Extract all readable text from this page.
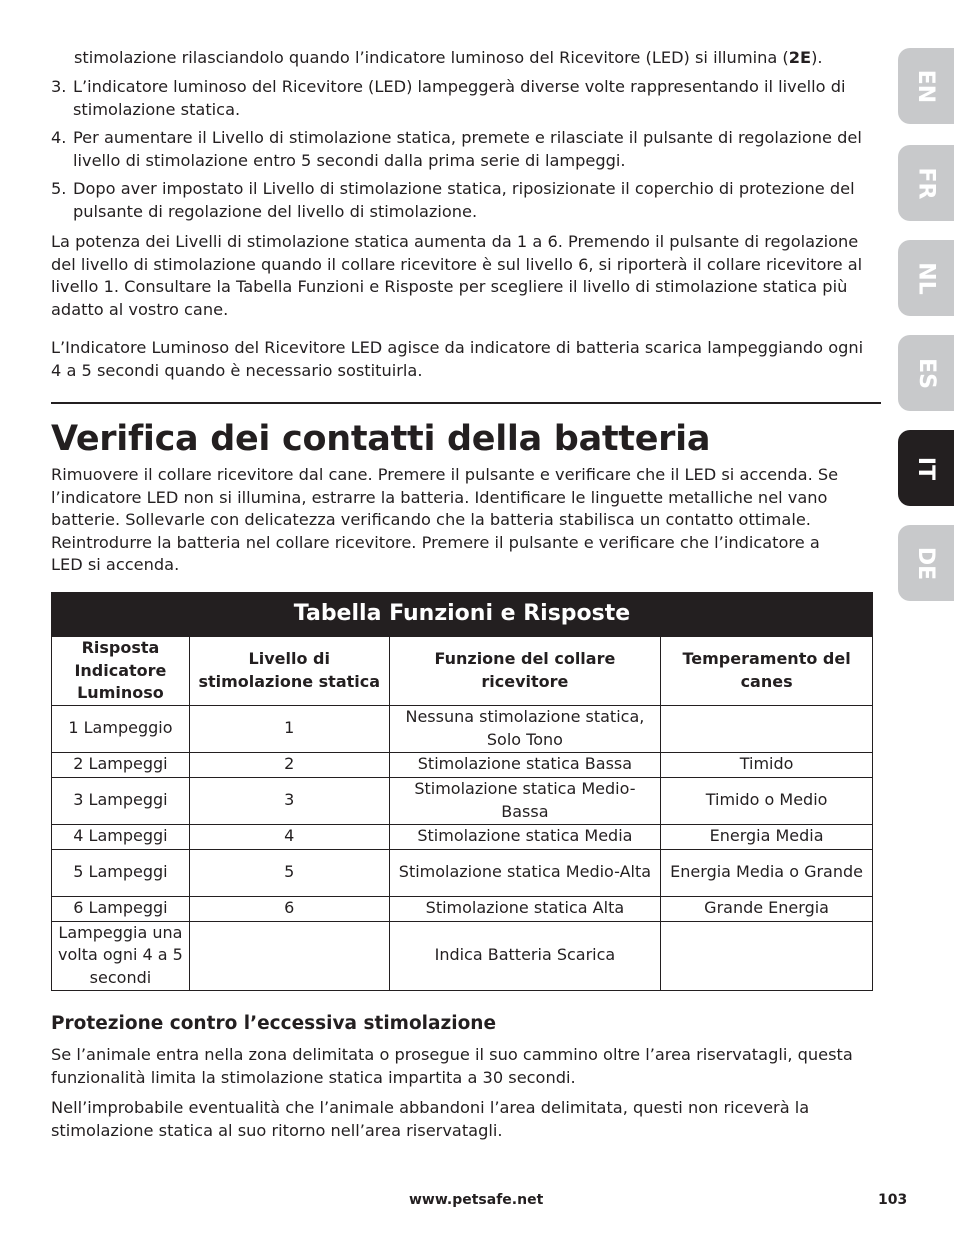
stimolazione rilasciandolo quando l’indicatore luminoso del Ricevitore (LED) si illumina (2E).

3. L’indicatore luminoso del Ricevitore (LED) lampeggerà diverse volte rappresentando il livello di stimolazione statica.
4. Per aumentare il Livello di stimolazione statica, premete e rilasciate il pulsante di regolazione del livello di stimolazione entro 5 secondi dalla prima serie di lampeggi.
5. Dopo aver impostato il Livello di stimolazione statica, riposizionate il coperchio di protezione del pulsante di regolazione del livello di stimolazione.

La potenza dei Livelli di stimolazione statica aumenta da 1 a 6. Premendo il pulsante di regolazione del livello di stimolazione quando il collare ricevitore è sul livello 6, si riporterà il collare ricevitore al livello 1. Consultare la Tabella Funzioni e Risposte per scegliere il livello di stimolazione statica più adatto al vostro cane.

L’Indicatore Luminoso del Ricevitore LED agisce da indicatore di batteria scarica lampeggiando ogni 4 a 5 secondi quando è necessario sostituirla.

Verifica dei contatti della batteria

Rimuovere il collare ricevitore dal cane. Premere il pulsante e verificare che il LED si accenda. Se l’indicatore LED non si illumina, estrarre la batteria. Identificare le linguette metalliche nel vano batterie. Sollevarle con delicatezza verificando che la batteria stabilisca un contatto ottimale. Reintrodurre la batteria nel collare ricevitore. Premere il pulsante e verificare che l’indicatore a LED si accenda.

Tabella Funzioni e Risposte			
Risposta Indicatore Luminoso	Livello di stimolazione statica	Funzione del collare ricevitore	Temperamento del canes
1 Lampeggio	1	Nessuna stimolazione statica, Solo Tono	
2 Lampeggi	2	Stimolazione statica Bassa	Timido
3 Lampeggi	3	Stimolazione statica Medio-Bassa	Timido o Medio
4 Lampeggi	4	Stimolazione statica Media	Energia Media
5 Lampeggi	5	Stimolazione statica Medio-Alta	Energia Media o Grande
6 Lampeggi	6	Stimolazione statica Alta	Grande Energia
Lampeggia una volta ogni 4 a 5 secondi		Indica Batteria Scarica	
Protezione contro l’eccessiva stimolazione

Se l’animale entra nella zona delimitata o prosegue il suo cammino oltre l’area riservatagli, questa funzionalità limita la stimolazione statica impartita a 30 secondi.

Nell’improbabile eventualità che l’animale abbandoni l’area delimitata, questi non riceverà la stimolazione statica al suo ritorno nell’area riservatagli.

www.petsafe.net	103
EN
FR
NL
ES
IT
DE
